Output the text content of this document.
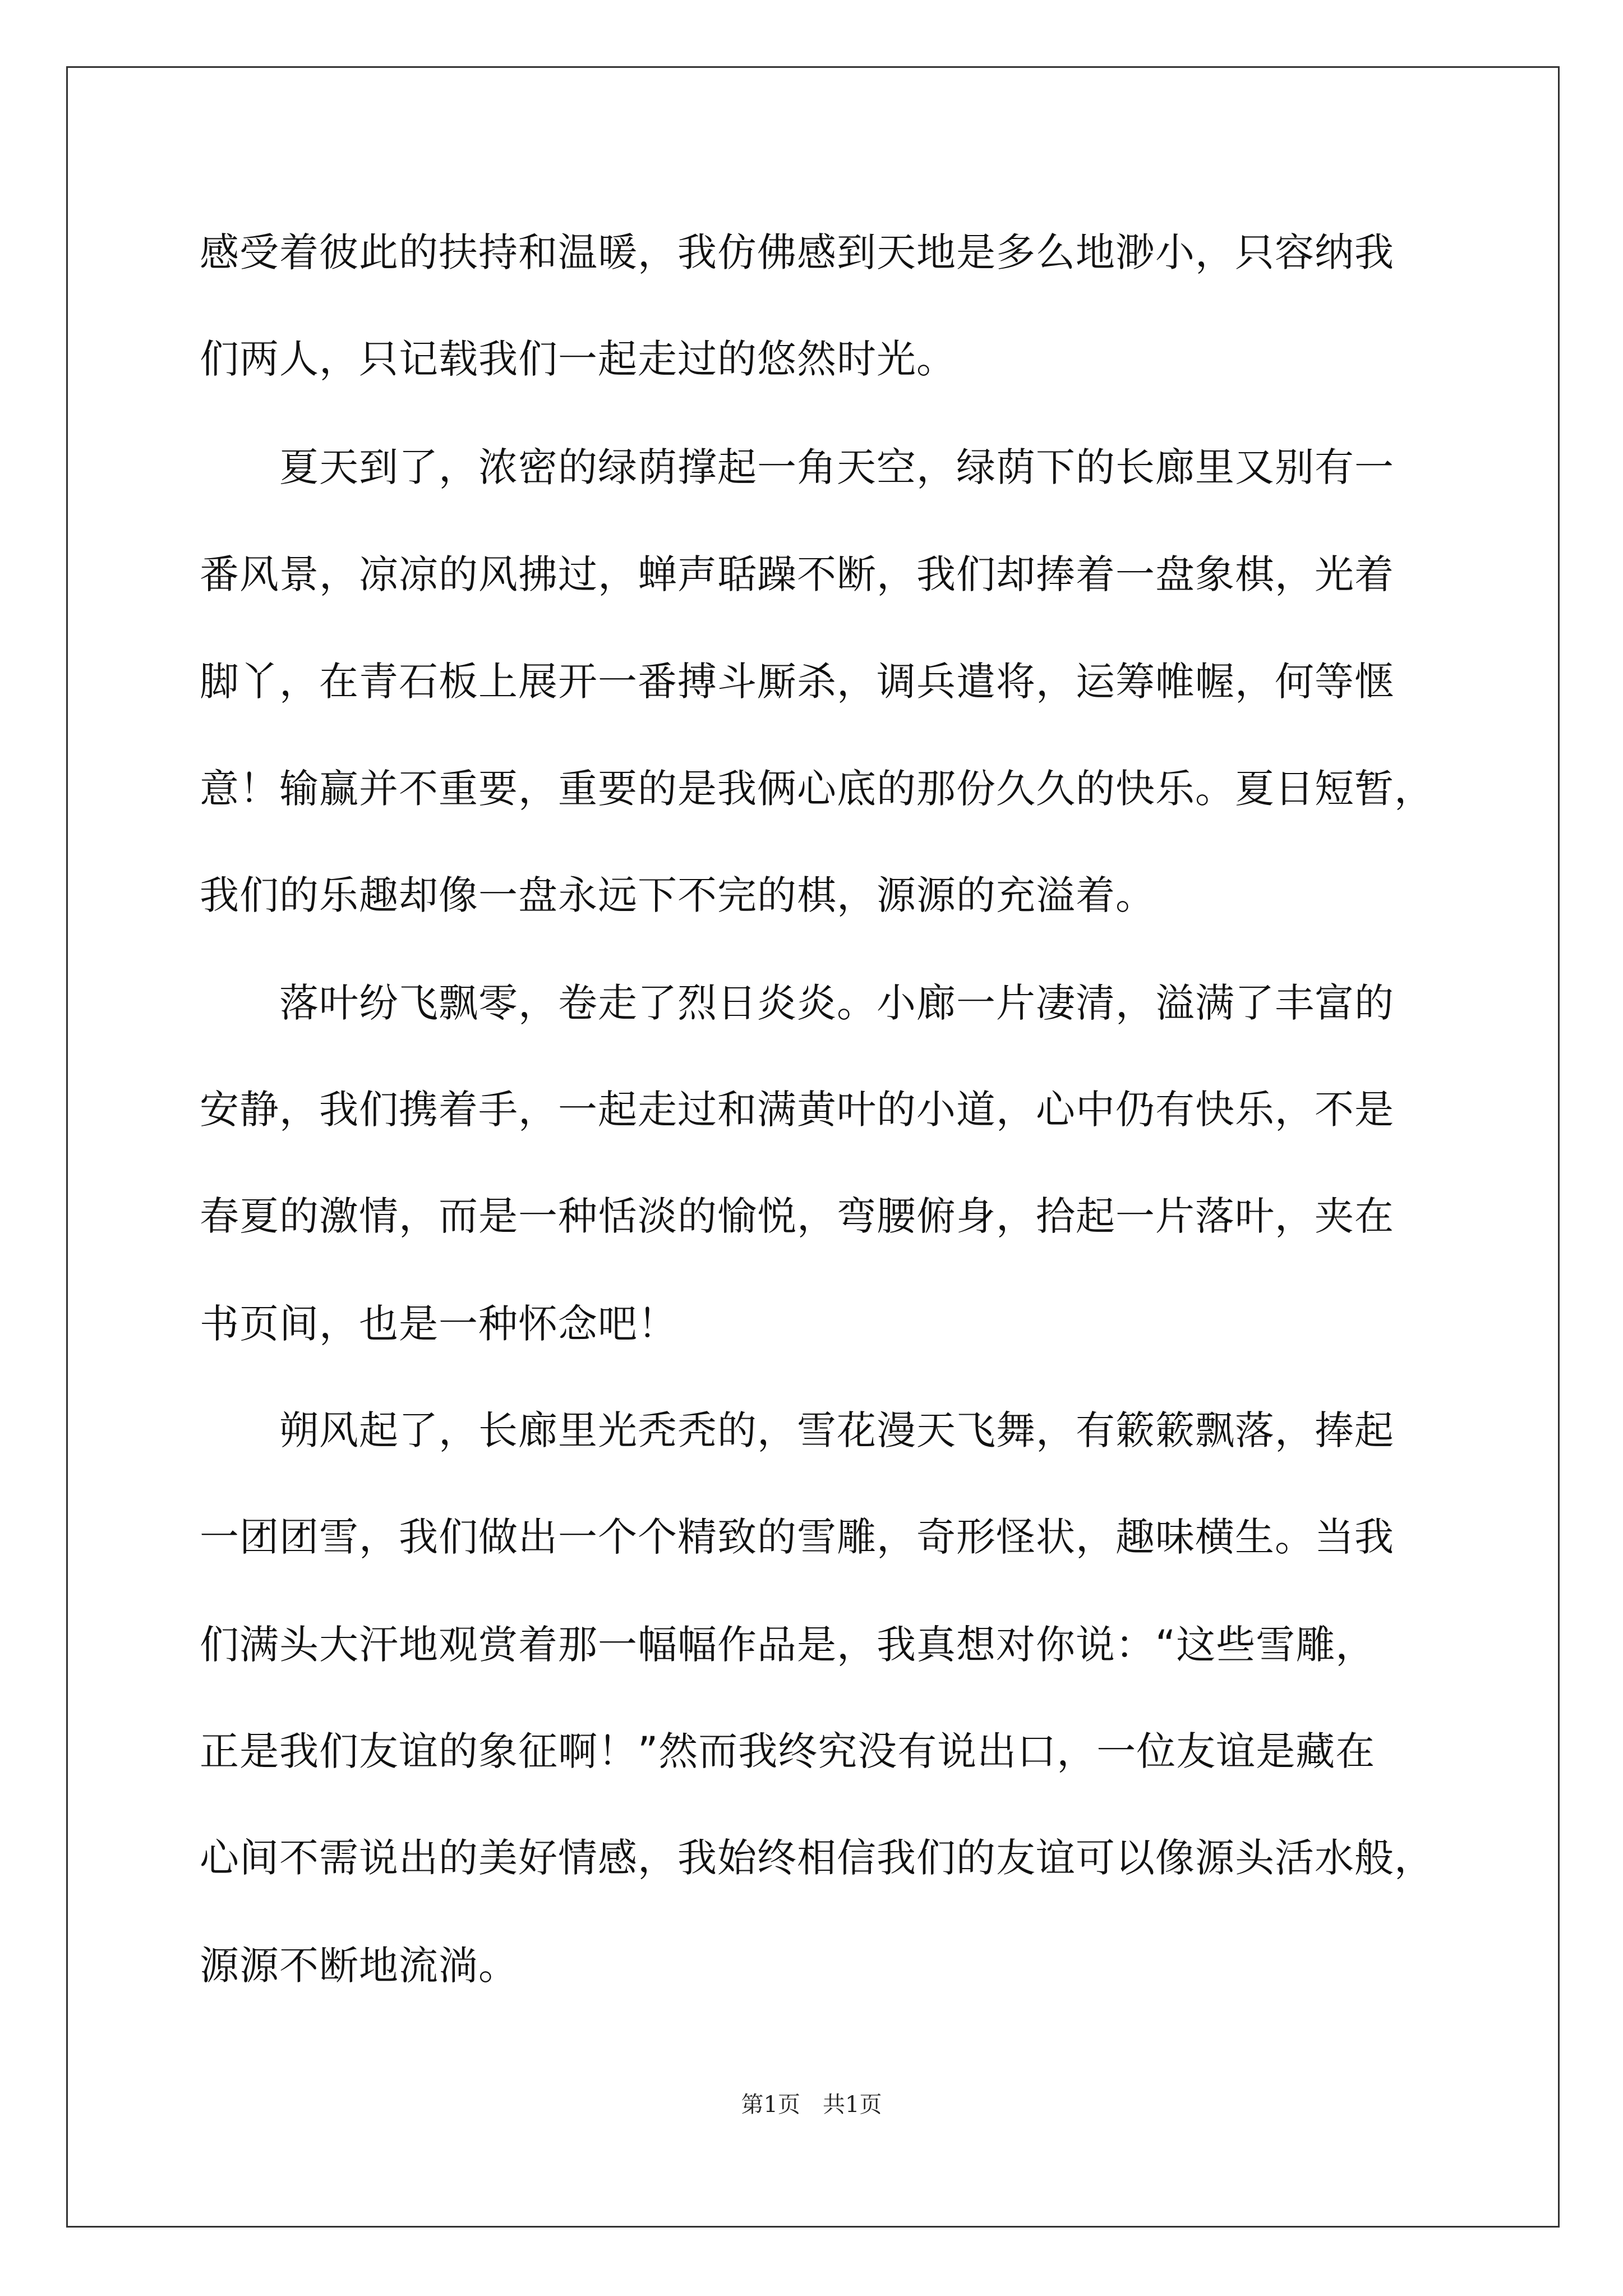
感受着彼此的扶持和温暖，我仿佛感到天地是多么地渺小，只容纳我
们两人，只记载我们一起走过的悠然时光。
　　夏天到了，浓密的绿荫撑起一角天空，绿荫下的长廊里又别有一
番风景，凉凉的风拂过，蝉声聒躁不断，我们却捧着一盘象棋，光着
脚丫，在青石板上展开一番搏斗厮杀，调兵遣将，运筹帷幄，何等惬
意！输赢并不重要，重要的是我俩心底的那份久久的快乐。夏日短暂，
我们的乐趣却像一盘永远下不完的棋，源源的充溢着。
　　落叶纷飞飘零，卷走了烈日炎炎。小廊一片凄清，溢满了丰富的
安静，我们携着手，一起走过和满黄叶的小道，心中仍有快乐，不是
春夏的激情，而是一种恬淡的愉悦，弯腰俯身，拾起一片落叶，夹在
书页间，也是一种怀念吧！
　　朔风起了，长廊里光秃秃的，雪花漫天飞舞，有簌簌飘落，捧起
一团团雪，我们做出一个个精致的雪雕，奇形怪状，趣味横生。当我
们满头大汗地观赏着那一幅幅作品是，我真想对你说：“这些雪雕，
正是我们友谊的象征啊！”然而我终究没有说出口，一位友谊是藏在
心间不需说出的美好情感，我始终相信我们的友谊可以像源头活水般，
源源不断地流淌。
第1页　共1页
